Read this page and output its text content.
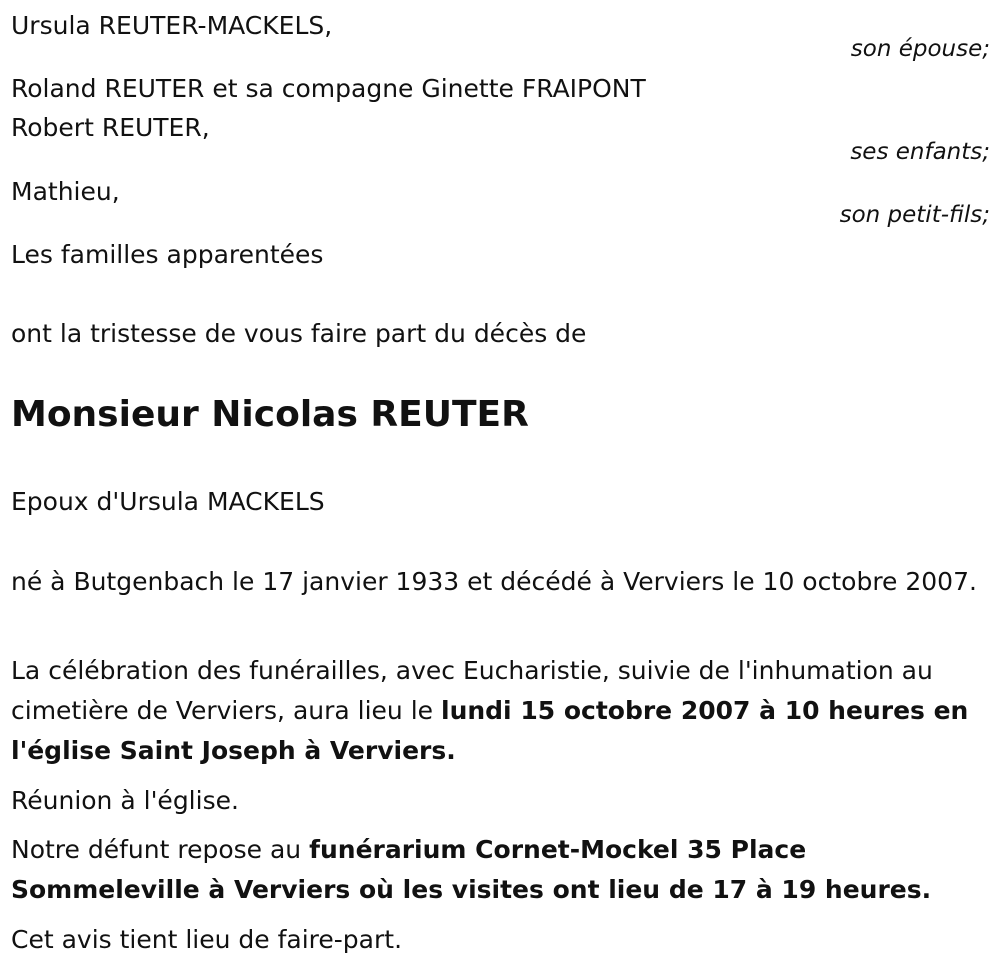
Ursula REUTER-MACKELS,
son épouse;
Roland REUTER et sa compagne Ginette FRAIPONT
Robert REUTER,
ses enfants;
Mathieu,
son petit-fils;
Les familles apparentées
ont la tristesse de vous faire part du décès de
Monsieur Nicolas REUTER
Epoux d'Ursula MACKELS
né à Butgenbach le 17 janvier 1933 et décédé à Verviers le 10 octobre 2007.
La célébration des funérailles, avec Eucharistie, suivie de l'inhumation au cimetière de Verviers, aura lieu le lundi 15 octobre 2007 à 10 heures en l'église Saint Joseph à Verviers.
Réunion à l'église.
Notre défunt repose au funérarium Cornet-Mockel 35 Place Sommeleville à Verviers où les visites ont lieu de 17 à 19 heures.
Cet avis tient lieu de faire-part.
